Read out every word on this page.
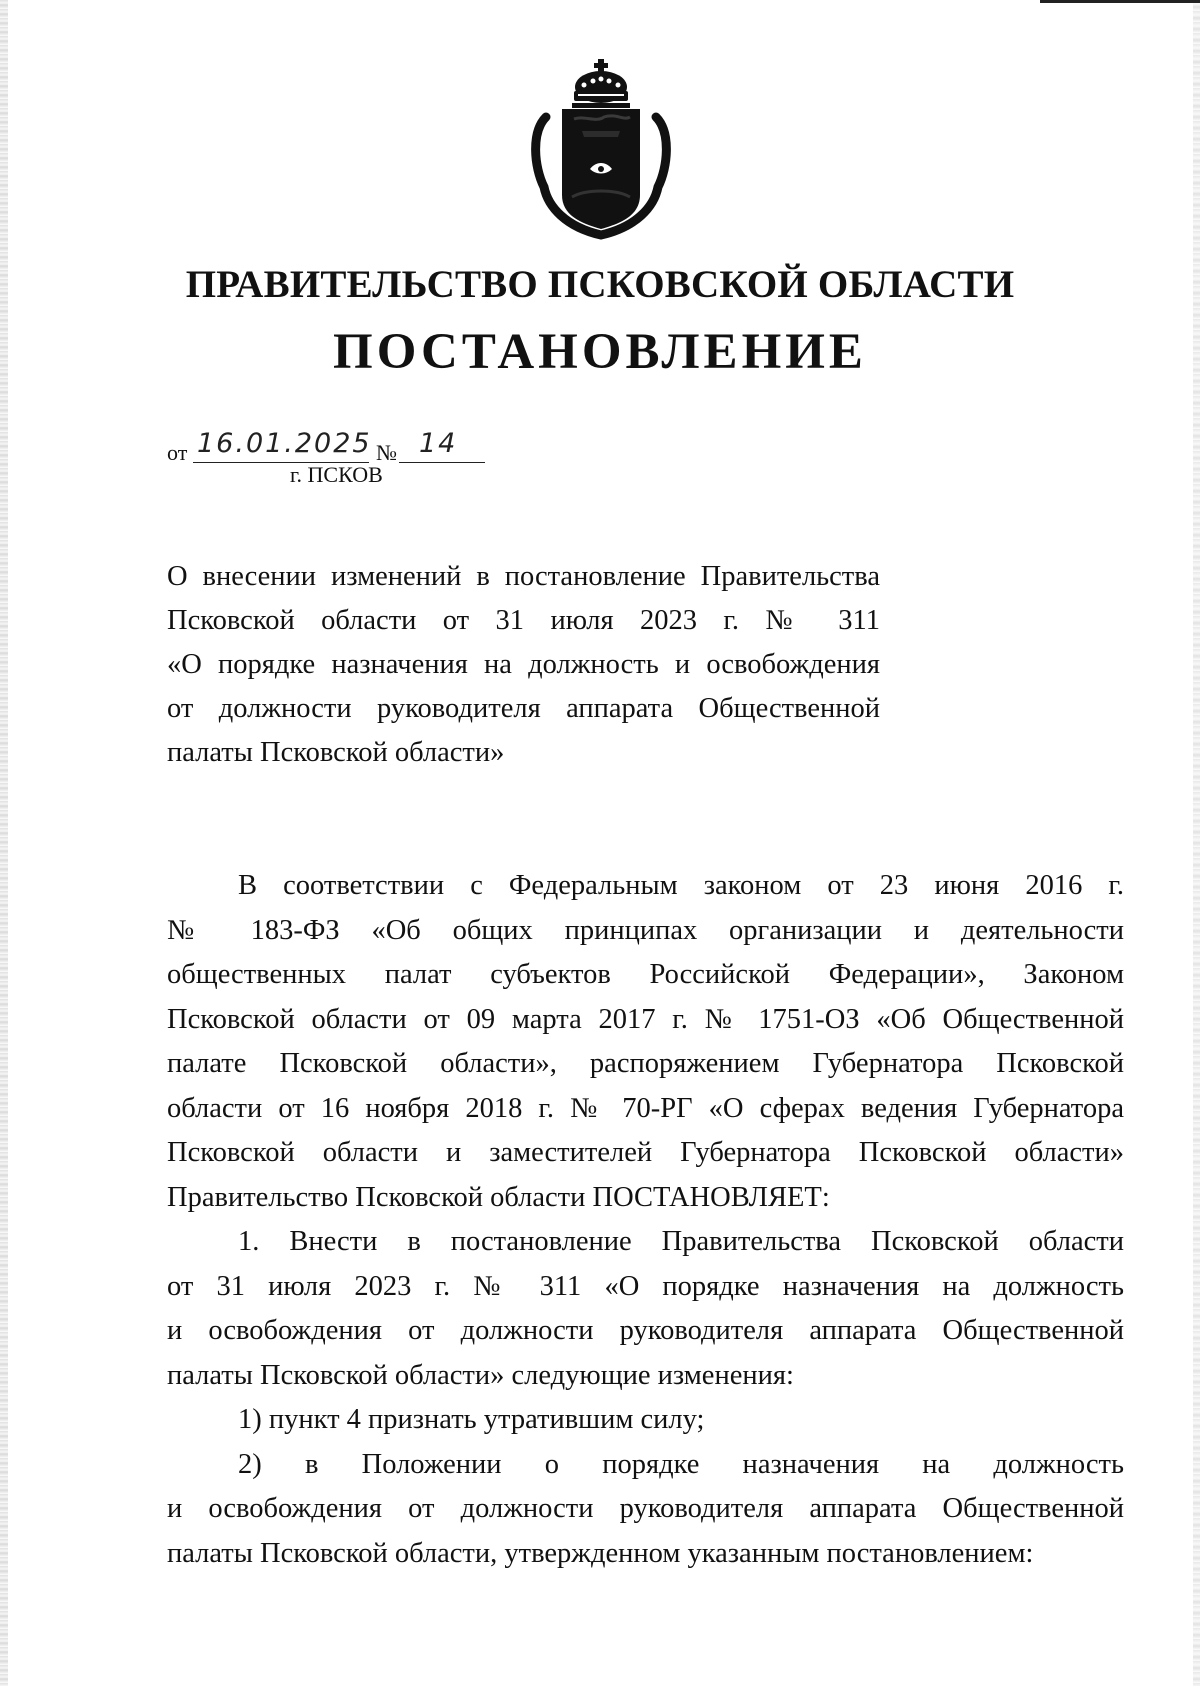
ПРАВИТЕЛЬСТВО ПСКОВСКОЙ ОБЛАСТИ
ПОСТАНОВЛЕНИЕ
от 16.01.2025 № 14
г. ПСКОВ
О внесении изменений в постановление Правительства
Псковской области от 31 июля 2023 г. № 311
«О порядке назначения на должность и освобождения
от должности руководителя аппарата Общественной
палаты Псковской области»
В соответствии с Федеральным законом от 23 июня 2016 г.
№ 183-ФЗ «Об общих принципах организации и деятельности
общественных палат субъектов Российской Федерации», Законом
Псковской области от 09 марта 2017 г. № 1751-ОЗ «Об Общественной
палате Псковской области», распоряжением Губернатора Псковской
области от 16 ноября 2018 г. № 70-РГ «О сферах ведения Губернатора
Псковской области и заместителей Губернатора Псковской области»
Правительство Псковской области ПОСТАНОВЛЯЕТ:
1. Внести в постановление Правительства Псковской области
от 31 июля 2023 г. № 311 «О порядке назначения на должность
и освобождения от должности руководителя аппарата Общественной
палаты Псковской области» следующие изменения:
1) пункт 4 признать утратившим силу;
2) в Положении о порядке назначения на должность
и освобождения от должности руководителя аппарата Общественной
палаты Псковской области, утвержденном указанным постановлением:
